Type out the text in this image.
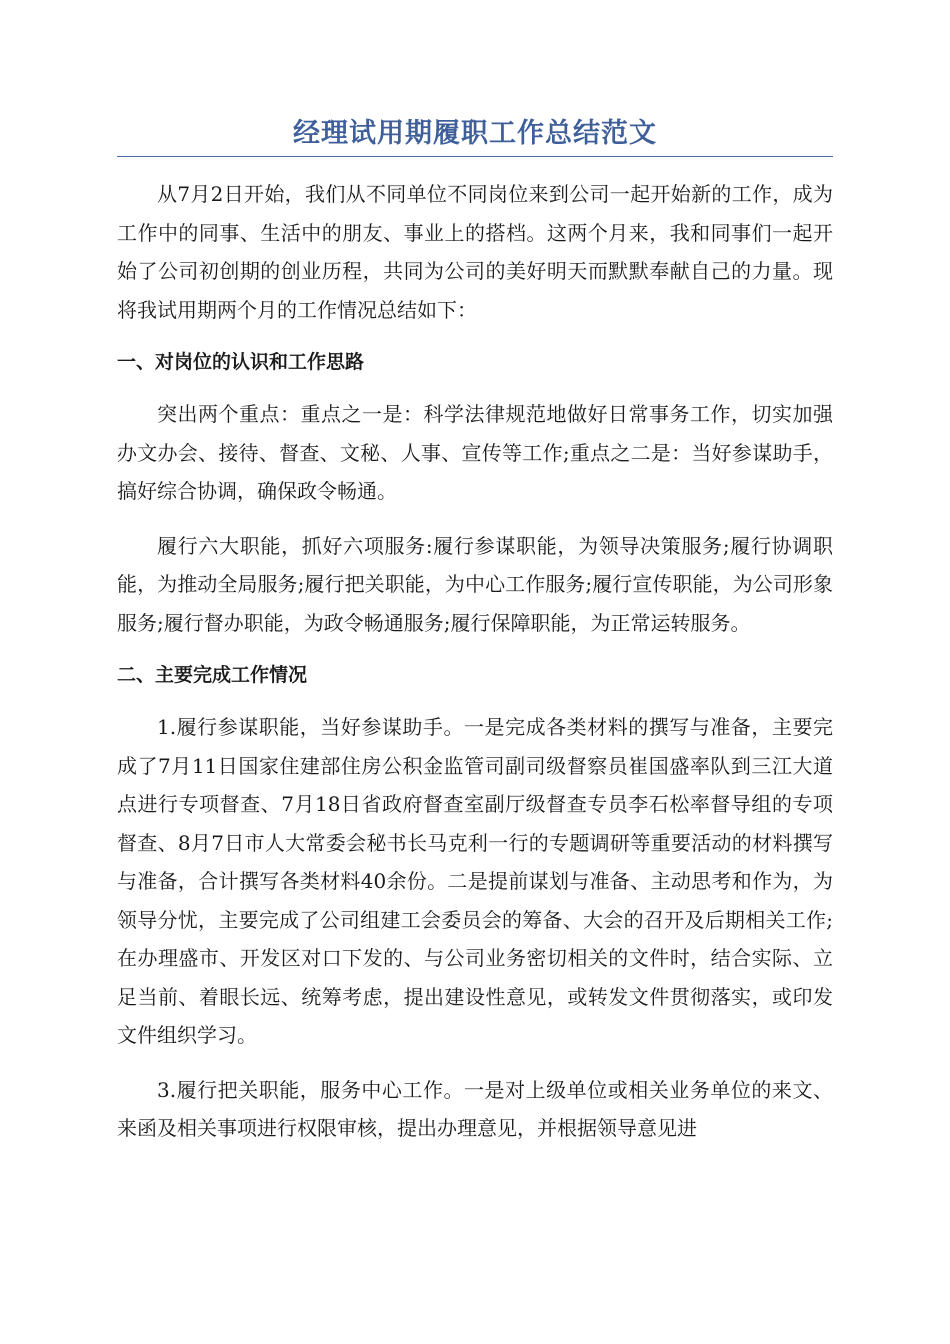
经理试用期履职工作总结范文

从7月2日开始，我们从不同单位不同岗位来到公司一起开始新的工作，成为工作中的同事、生活中的朋友、事业上的搭档。这两个月来，我和同事们一起开始了公司初创期的创业历程，共同为公司的美好明天而默默奉献自己的力量。现将我试用期两个月的工作情况总结如下：

一、对岗位的认识和工作思路

突出两个重点：重点之一是：科学法律规范地做好日常事务工作，切实加强办文办会、接待、督查、文秘、人事、宣传等工作;重点之二是：当好参谋助手，搞好综合协调，确保政令畅通。

履行六大职能，抓好六项服务:履行参谋职能，为领导决策服务;履行协调职能，为推动全局服务;履行把关职能，为中心工作服务;履行宣传职能，为公司形象服务;履行督办职能，为政令畅通服务;履行保障职能，为正常运转服务。

二、主要完成工作情况

1.履行参谋职能，当好参谋助手。一是完成各类材料的撰写与准备，主要完成了7月11日国家住建部住房公积金监管司副司级督察员崔国盛率队到三江大道点进行专项督查、7月18日省政府督查室副厅级督查专员李石松率督导组的专项督查、8月7日市人大常委会秘书长马克利一行的专题调研等重要活动的材料撰写与准备，合计撰写各类材料40余份。二是提前谋划与准备、主动思考和作为，为领导分忧，主要完成了公司组建工会委员会的筹备、大会的召开及后期相关工作;在办理盛市、开发区对口下发的、与公司业务密切相关的文件时，结合实际、立足当前、着眼长远、统筹考虑，提出建设性意见，或转发文件贯彻落实，或印发文件组织学习。

3.履行把关职能，服务中心工作。一是对上级单位或相关业务单位的来文、来函及相关事项进行权限审核，提出办理意见，并根据领导意见进
